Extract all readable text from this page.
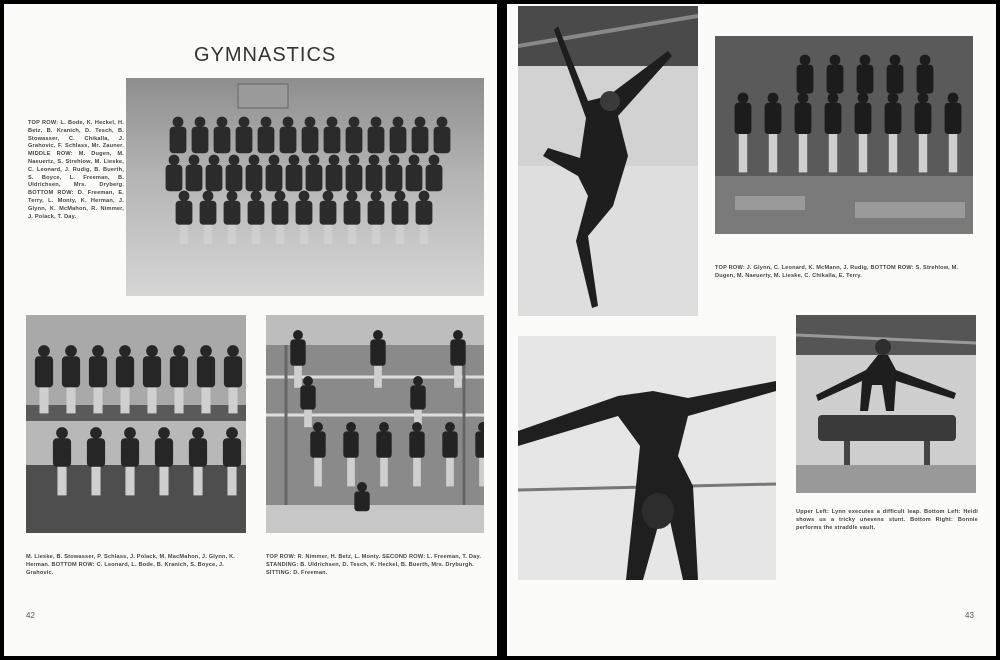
GYMNASTICS
TOP ROW: L. Bode, K. Heckel, H. Betz, B. Kranich, D. Tesch, B. Stowasser, C. Chikalla, J. Grahovic, F. Schlass, Mr. Zauner. MIDDLE ROW: M. Dugen, M. Naeuertz, S. Strehlow, M. Lieske, C. Leonard, J. Rudig, B. Buerth, S. Boyce, L. Freeman, B. Uldrichsen, Mrs. Dryberg. BOTTOM ROW: D. Freeman, E. Terry, L. Monty, K. Herman, J. Glynn, K. McMahon, R. Nimmer, J. Polack, T. Day.
M. Lieske, B. Stowasser, P. Schlass, J. Polack, M. MacMahon, J. Glynn, K. Herman. BOTTOM ROW: C. Leonard, L. Bode, B. Kranich, S. Boyce, J. Grahovic.
TOP ROW: R. Nimmer, H. Betz, L. Monty. SECOND ROW: L. Freeman, T. Day. STANDING: B. Uldrichsen, D. Tesch, K. Heckel, B. Buerth, Mrs. Dryburgh. SITTING: D. Freeman.
42
TOP ROW: J. Glynn, C. Leonard, K. McMann, J. Rudig, BOTTOM ROW: S. Strehlow, M. Dugen, M. Naeuerty, M. Lieske, C. Chikalla, E. Terry.
Upper Left: Lynn executes a difficult leap. Bottom Left: Heidi shows us a tricky unevens stunt. Bottom Right: Bonnie performs the straddle vault.
43
